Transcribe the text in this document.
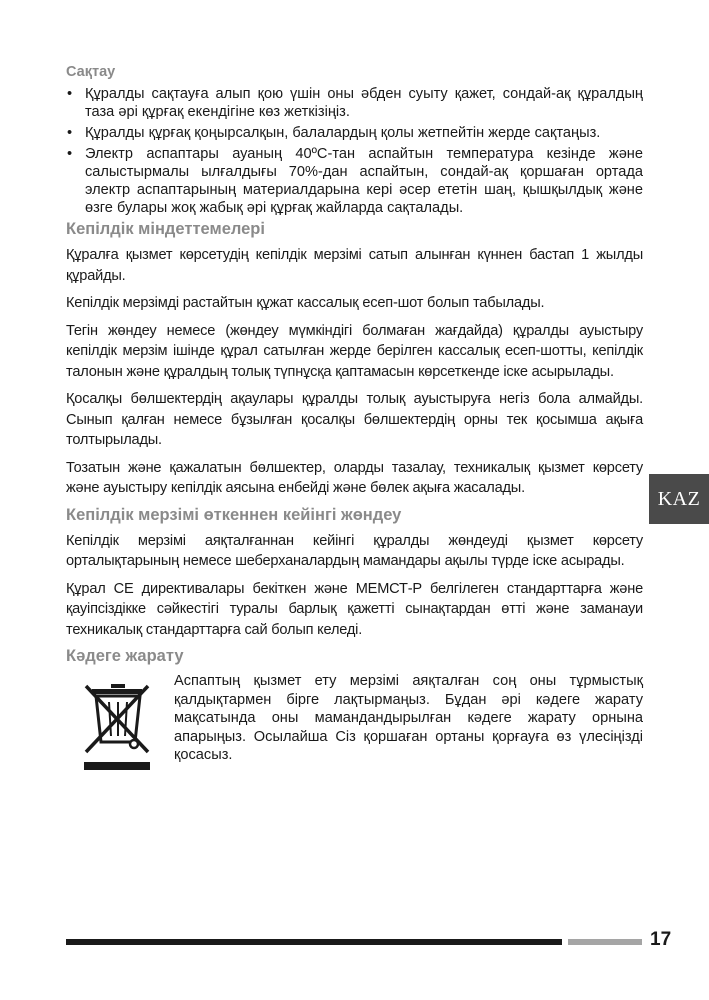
Сақтау
• Құралды сақтауға алып қою үшін оны әбден суыту қажет, сондай-ақ құралдың таза әрі құрғақ екендігіне көз жеткізіңіз.
• Құралды құрғақ қоңырсалқын, балалардың қолы жетпейтін жерде сақтаңыз.
• Электр аспаптары ауаның 40ºС-тан аспайтын температура кезінде және салыстырмалы ылғалдығы 70%-дан аспайтын, сондай-ақ қоршаған ортада электр аспаптарының материалдарына кері әсер ететін шаң, қышқылдық және өзге булары жоқ жабық әрі құрғақ жайларда сақталады.
Кепілдік міндеттемелері

Құралға қызмет көрсетудің кепілдік мерзімі сатып алынған күннен бастап 1 жылды құрайды.

Кепілдік мерзімді растайтын құжат кассалық есеп-шот болып табылады.

Тегін жөндеу немесе (жөндеу мүмкіндігі болмаған жағдайда) құралды ауыстыру кепілдік мерзім ішінде құрал сатылған жерде берілген кассалық есеп-шотты, кепілдік талонын және құралдың толық түпнұсқа қаптамасын көрсеткенде іске асырылады.

Қосалқы бөлшектердің ақаулары құралды толық ауыстыруға негіз бола алмайды. Сынып қалған немесе бұзылған қосалқы бөлшектердің орны тек қосымша ақыға толтырылады.

Тозатын және қажалатын бөлшектер, оларды тазалау, техникалық қызмет көрсету және ауыстыру кепілдік аясына енбейді және бөлек ақыға жасалады.

Кепілдік мерзімі өткеннен кейінгі жөндеу

Кепілдік мерзімі аяқталғаннан кейінгі құралды жөндеуді қызмет көрсету орталықтарының немесе шеберханалардың мамандары ақылы түрде іске асырады.

Құрал СЕ директивалары бекіткен және МЕМСТ-Р белгілеген стандарттарға және қауіпсіздікке сәйкестігі туралы барлық қажетті сынақтардан өтті және заманауи техникалық стандарттарға сай болып келеді.

Кәдеге жарату
Аспаптың қызмет ету мерзімі аяқталған соң оны тұрмыстық қалдықтармен бірге лақтырмаңыз. Бұдан әрі кәдеге жарату мақсатында оны мамандандырылған кәдеге жарату орнына апарыңыз. Осылайша Сіз қоршаған ортаны қорғауға өз үлесіңізді қосасыз.
KAZ
17
